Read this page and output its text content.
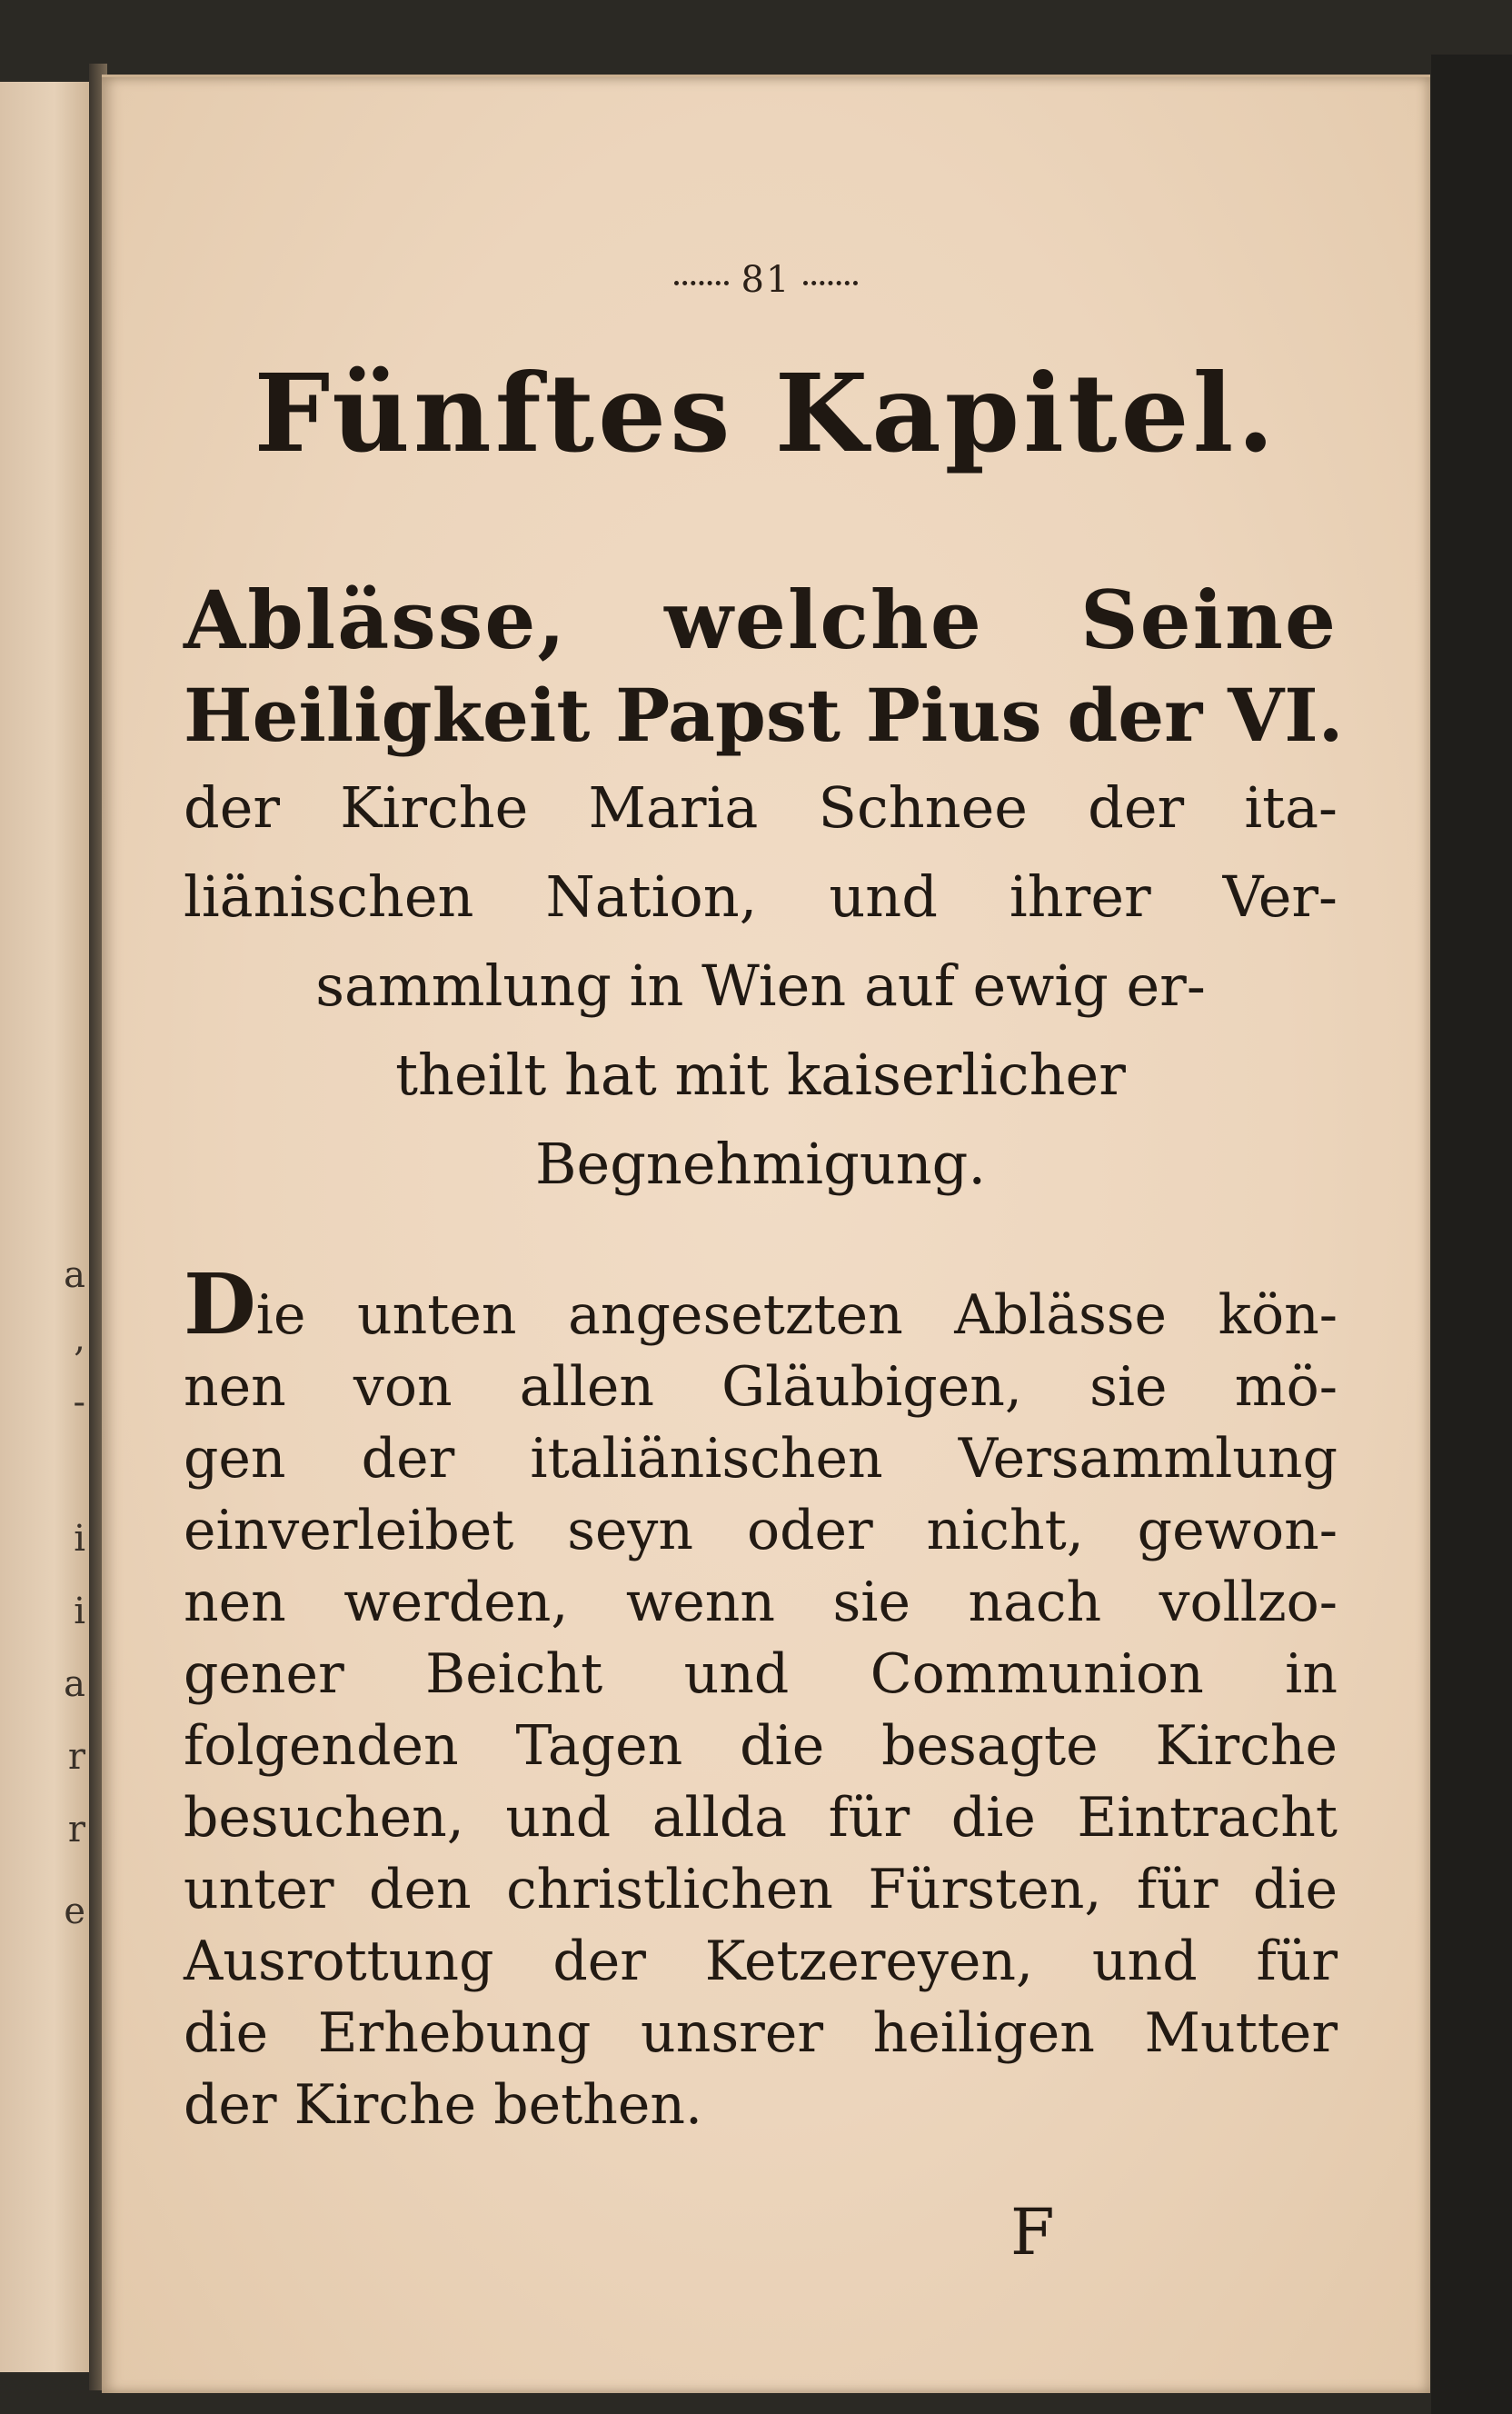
a
,
-
i
i
a
r
r
e
81
Fünftes Kapitel.
Ablässe, welche Seine
Heiligkeit Papst Pius der VI.
der Kirche Maria Schnee der ita-
liänischen Nation, und ihrer Ver-
sammlung in Wien auf ewig er-
theilt hat mit kaiserlicher
Begnehmigung.
Die unten angesetzten Ablässe kön-
nen von allen Gläubigen, sie mö-
gen der italiänischen Versammlung
einverleibet seyn oder nicht, gewon-
nen werden, wenn sie nach vollzo-
gener Beicht und Communion in
folgenden Tagen die besagte Kirche
besuchen, und allda für die Eintracht
unter den christlichen Fürsten, für die
Ausrottung der Ketzereyen, und für
die Erhebung unsrer heiligen Mutter
der Kirche bethen.
F
